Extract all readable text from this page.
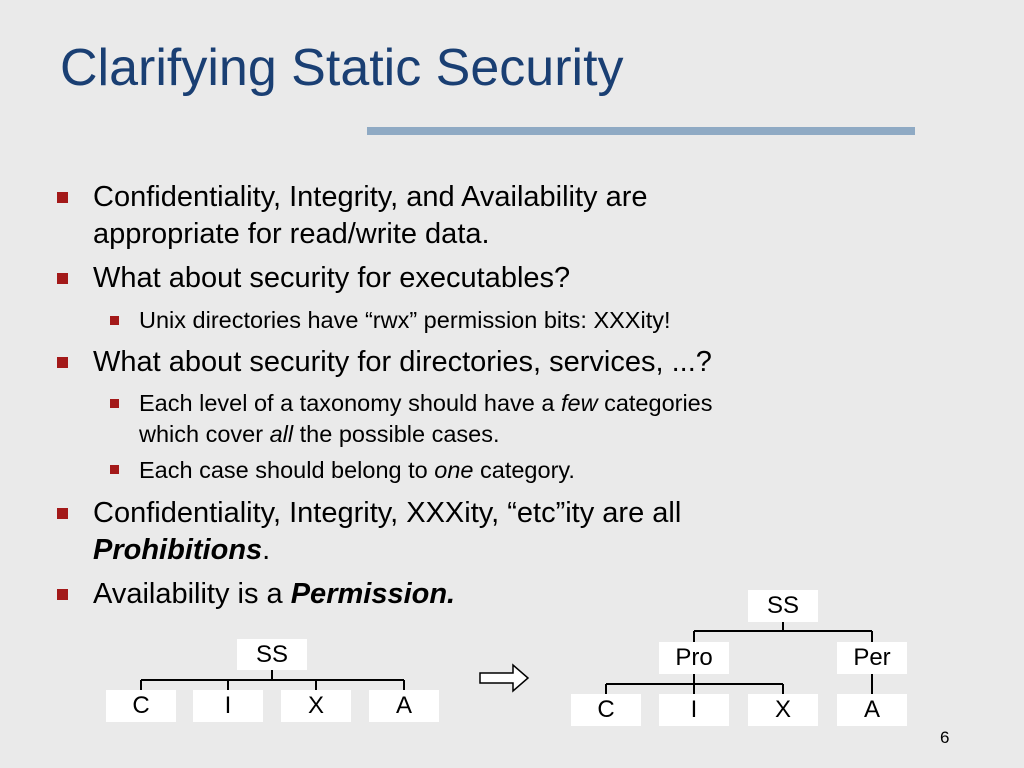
Clarifying Static Security
Confidentiality, Integrity, and Availability are
appropriate for read/write data.
What about security for executables?
Unix directories have “rwx” permission bits: XXXity!
What about security for directories, services, ...?
Each level of a taxonomy should have a few categories
which cover all the possible cases.
Each case should belong to one category.
Confidentiality, Integrity, XXXity, “etc”ity are all
Prohibitions.
Availability is a Permission.
SS
C	I	X	A
SS
Pro	Per
C	I	X	A
6
